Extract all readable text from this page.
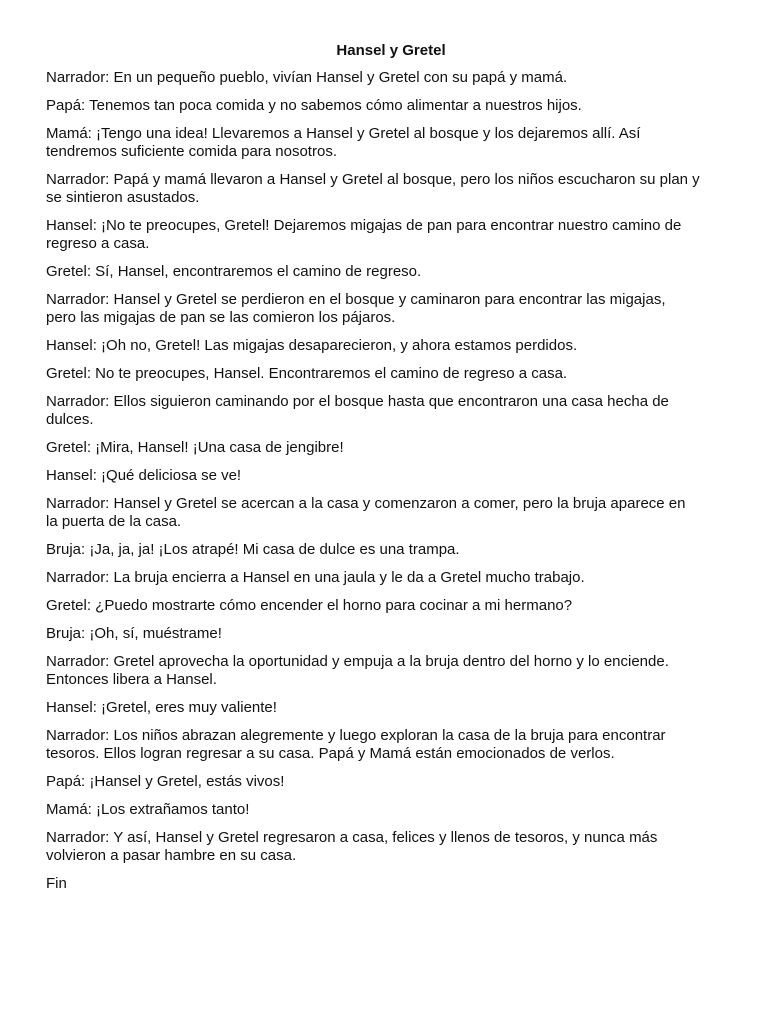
Hansel y Gretel

Narrador: En un pequeño pueblo, vivían Hansel y Gretel con su papá y mamá.

Papá: Tenemos tan poca comida y no sabemos cómo alimentar a nuestros hijos.

Mamá: ¡Tengo una idea! Llevaremos a Hansel y Gretel al bosque y los dejaremos allí. Así
tendremos suficiente comida para nosotros.

Narrador: Papá y mamá llevaron a Hansel y Gretel al bosque, pero los niños escucharon su plan y
se sintieron asustados.

Hansel: ¡No te preocupes, Gretel! Dejaremos migajas de pan para encontrar nuestro camino de
regreso a casa.

Gretel: Sí, Hansel, encontraremos el camino de regreso.

Narrador: Hansel y Gretel se perdieron en el bosque y caminaron para encontrar las migajas,
pero las migajas de pan se las comieron los pájaros.

Hansel: ¡Oh no, Gretel! Las migajas desaparecieron, y ahora estamos perdidos.

Gretel: No te preocupes, Hansel. Encontraremos el camino de regreso a casa.

Narrador: Ellos siguieron caminando por el bosque hasta que encontraron una casa hecha de
dulces.

Gretel: ¡Mira, Hansel! ¡Una casa de jengibre!

Hansel: ¡Qué deliciosa se ve!

Narrador: Hansel y Gretel se acercan a la casa y comenzaron a comer, pero la bruja aparece en
la puerta de la casa.

Bruja: ¡Ja, ja, ja! ¡Los atrapé! Mi casa de dulce es una trampa.

Narrador: La bruja encierra a Hansel en una jaula y le da a Gretel mucho trabajo.

Gretel: ¿Puedo mostrarte cómo encender el horno para cocinar a mi hermano?

Bruja: ¡Oh, sí, muéstrame!

Narrador: Gretel aprovecha la oportunidad y empuja a la bruja dentro del horno y lo enciende.
Entonces libera a Hansel.

Hansel: ¡Gretel, eres muy valiente!

Narrador: Los niños abrazan alegremente y luego exploran la casa de la bruja para encontrar
tesoros. Ellos logran regresar a su casa. Papá y Mamá están emocionados de verlos.

Papá: ¡Hansel y Gretel, estás vivos!

Mamá: ¡Los extrañamos tanto!

Narrador: Y así, Hansel y Gretel regresaron a casa, felices y llenos de tesoros, y nunca más
volvieron a pasar hambre en su casa.

Fin
